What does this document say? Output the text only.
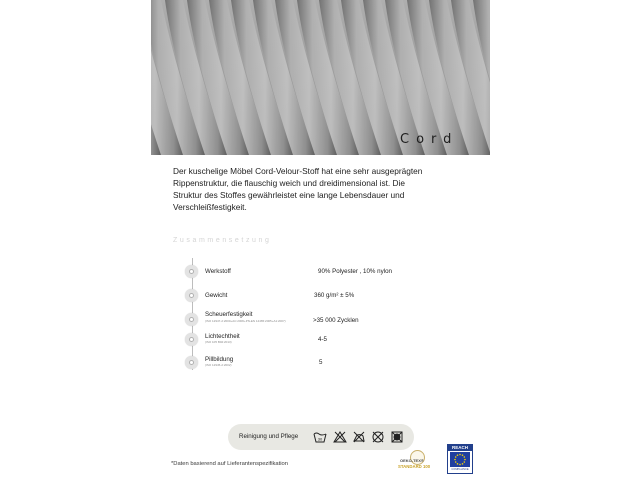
Cord

Der kuschelige Möbel Cord-Velour-Stoff hat eine sehr ausgeprägten

Rippenstruktur, die flauschig weich und dreidimensional ist. Die

Struktur des Stoffes gewährleistet eine lange Lebensdauer und

Verschleißfestigkeit.

Zusammensetzung
Werkstoff	90% Polyester , 10% nylon
Gewicht	360 g/m² ± 5%
Scheuerfestigkeit
(ISO 12947-2:2000+AC:2006+PN-EN 14465:2005+A1:2007)	>35 000 Zycklen
Lichtechtheit
(ISO 105 B02:2013)	4-5
Pillbildung
(ISO 12945-2:2002)	5
Reinigung und Pflege	30
*Daten basierend auf Lieferantenspezifikation
OEKO-TEX®
STANDARD 100
REACH
COMPLIANCE
